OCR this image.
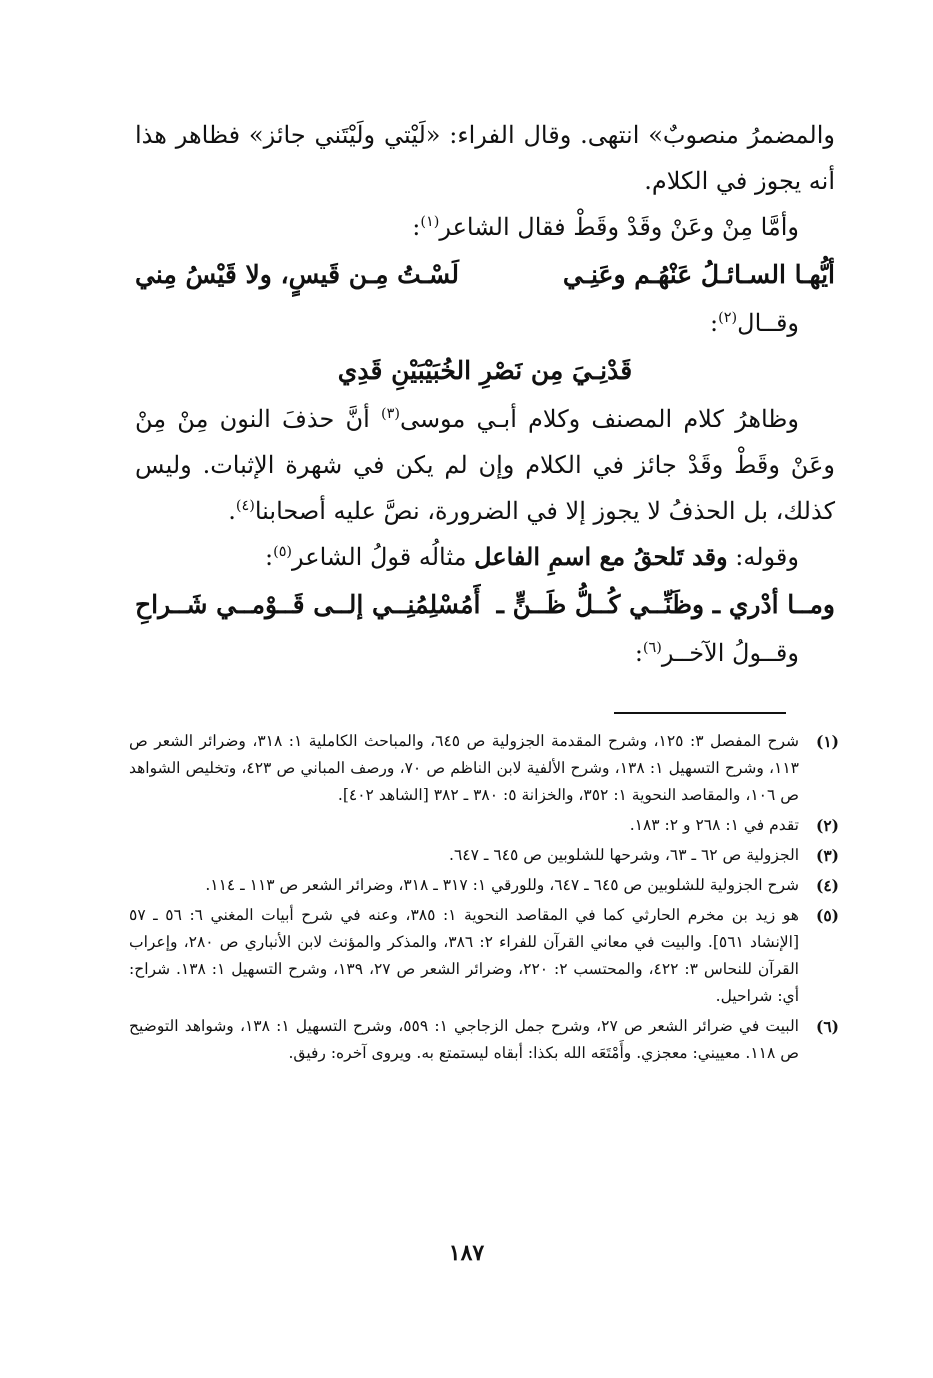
والمضمرُ منصوبٌ» انتهى. وقال الفراء: «لَيْتي ولَيْتَني جائز» فظاهر هذا أنه يجوز في الكلام.

وأمَّا مِنْ وعَنْ وقَدْ وقَطْ فقال الشاعر$^{(١)}$:

أيُّهـا السـائـلُ عَنْهُـم وعَنِـي
لَسْـتُ مِـن قَيسٍ، ولا قَيْسُ مِني

وقــال$^{(٢)}$:

قَدْنِـيَ مِن نَصْرِ الخُبَيْبَيْنِ قَدِي

وظاهرُ كلام المصنف وكلام أبـي موسى$^{(٣)}$ أنَّ حذفَ النون مِنْ مِنْ وعَنْ وقَطْ وقَدْ جائز في الكلام وإن لم يكن في شهرة الإثبات. وليس كذلك، بل الحذفُ لا يجوز إلا في الضرورة، نصَّ عليه أصحابنا$^{(٤)}$.

وقوله: وقد تَلحقُ مع اسمِ الفاعل مثالُه قولُ الشاعر$^{(٥)}$:

ومــا أدْري ـ وظَنِّــي كُــلُّ ظَــنٍّ ـ
أَمُسْلِمُنِــي إلــى قَــوْمــي شَــراحِ

وقــولُ الآخــر$^{(٦)}$:

(١)
شرح المفصل ٣: ١٢٥، وشرح المقدمة الجزولية ص ٦٤٥، والمباحث الكاملية ١: ٣١٨، وضرائر الشعر ص ١١٣، وشرح التسهيل ١: ١٣٨، وشرح الألفية لابن الناظم ص ٧٠، ورصف المباني ص ٤٢٣، وتخليص الشواهد ص ١٠٦، والمقاصد النحوية ١: ٣٥٢، والخزانة ٥: ٣٨٠ ـ ٣٨٢ [الشاهد ٤٠٢].
(٢)
تقدم في ١: ٢٦٨ و ٢: ١٨٣.
(٣)
الجزولية ص ٦٢ ـ ٦٣، وشرحها للشلوبين ص ٦٤٥ ـ ٦٤٧.
(٤)
شرح الجزولية للشلوبين ص ٦٤٥ ـ ٦٤٧، وللورقي ١: ٣١٧ ـ ٣١٨، وضرائر الشعر ص ١١٣ ـ ١١٤.
(٥)
هو زيد بن مخرم الحارثي كما في المقاصد النحوية ١: ٣٨٥، وعنه في شرح أبيات المغني ٦: ٥٦ ـ ٥٧ [الإنشاد ٥٦١]. والبيت في معاني القرآن للفراء ٢: ٣٨٦، والمذكر والمؤنث لابن الأنباري ص ٢٨٠، وإعراب القرآن للنحاس ٣: ٤٢٢، والمحتسب ٢: ٢٢٠، وضرائر الشعر ص ٢٧، ١٣٩، وشرح التسهيل ١: ١٣٨. شراح: أي: شراحيل.
(٦)
البيت في ضرائر الشعر ص ٢٧، وشرح جمل الزجاجي ١: ٥٥٩، وشرح التسهيل ١: ١٣٨، وشواهد التوضيح ص ١١٨. معييني: معجزي. وأَمْتَعَه الله بكذا: أبقاه ليستمتع به. ويروى آخره: رفيق.
١٨٧
